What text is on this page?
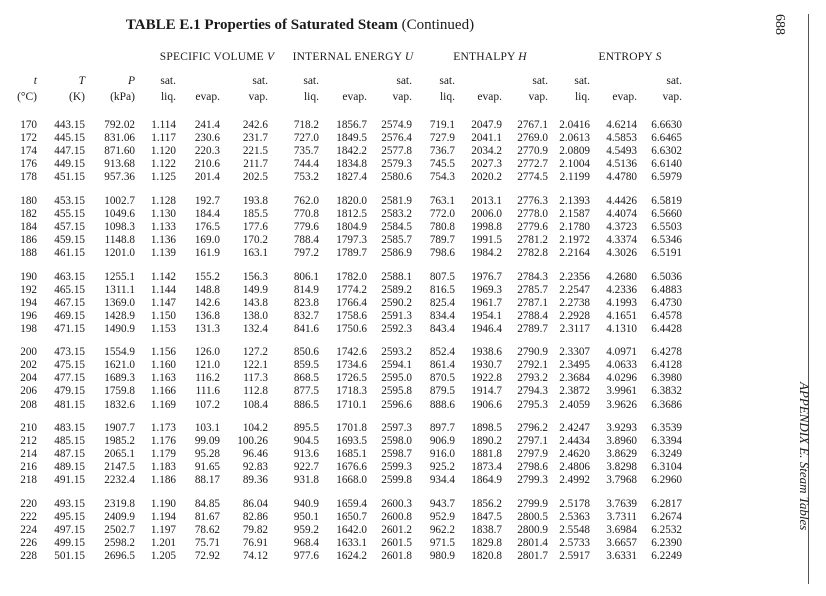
TABLE E.1 Properties of Saturated Steam (Continued)	688
APPENDIX E. Steam Tables
SPECIFIC VOLUME V	INTERNAL ENERGY U	ENTHALPY H	ENTROPY S
t	T	P	sat.	sat.	sat.	sat.	sat.	sat.	sat.	sat.
(°C)	(K)	(kPa)	liq.	evap.	vap.	liq.	evap.	vap.	liq.	evap.	vap.	liq.	evap.	vap.
170	443.15	792.02	1.114	241.4	242.6	718.2	1856.7	2574.9	719.1	2047.9	2767.1	2.0416	4.6214	6.6630
172	445.15	831.06	1.117	230.6	231.7	727.0	1849.5	2576.4	727.9	2041.1	2769.0	2.0613	4.5853	6.6465
174	447.15	871.60	1.120	220.3	221.5	735.7	1842.2	2577.8	736.7	2034.2	2770.9	2.0809	4.5493	6.6302
176	449.15	913.68	1.122	210.6	211.7	744.4	1834.8	2579.3	745.5	2027.3	2772.7	2.1004	4.5136	6.6140
178	451.15	957.36	1.125	201.4	202.5	753.2	1827.4	2580.6	754.3	2020.2	2774.5	2.1199	4.4780	6.5979
180	453.15	1002.7	1.128	192.7	193.8	762.0	1820.0	2581.9	763.1	2013.1	2776.3	2.1393	4.4426	6.5819
182	455.15	1049.6	1.130	184.4	185.5	770.8	1812.5	2583.2	772.0	2006.0	2778.0	2.1587	4.4074	6.5660
184	457.15	1098.3	1.133	176.5	177.6	779.6	1804.9	2584.5	780.8	1998.8	2779.6	2.1780	4.3723	6.5503
186	459.15	1148.8	1.136	169.0	170.2	788.4	1797.3	2585.7	789.7	1991.5	2781.2	2.1972	4.3374	6.5346
188	461.15	1201.0	1.139	161.9	163.1	797.2	1789.7	2586.9	798.6	1984.2	2782.8	2.2164	4.3026	6.5191
190	463.15	1255.1	1.142	155.2	156.3	806.1	1782.0	2588.1	807.5	1976.7	2784.3	2.2356	4.2680	6.5036
192	465.15	1311.1	1.144	148.8	149.9	814.9	1774.2	2589.2	816.5	1969.3	2785.7	2.2547	4.2336	6.4883
194	467.15	1369.0	1.147	142.6	143.8	823.8	1766.4	2590.2	825.4	1961.7	2787.1	2.2738	4.1993	6.4730
196	469.15	1428.9	1.150	136.8	138.0	832.7	1758.6	2591.3	834.4	1954.1	2788.4	2.2928	4.1651	6.4578
198	471.15	1490.9	1.153	131.3	132.4	841.6	1750.6	2592.3	843.4	1946.4	2789.7	2.3117	4.1310	6.4428
200	473.15	1554.9	1.156	126.0	127.2	850.6	1742.6	2593.2	852.4	1938.6	2790.9	2.3307	4.0971	6.4278
202	475.15	1621.0	1.160	121.0	122.1	859.5	1734.6	2594.1	861.4	1930.7	2792.1	2.3495	4.0633	6.4128
204	477.15	1689.3	1.163	116.2	117.3	868.5	1726.5	2595.0	870.5	1922.8	2793.2	2.3684	4.0296	6.3980
206	479.15	1759.8	1.166	111.6	112.8	877.5	1718.3	2595.8	879.5	1914.7	2794.3	2.3872	3.9961	6.3832
208	481.15	1832.6	1.169	107.2	108.4	886.5	1710.1	2596.6	888.6	1906.6	2795.3	2.4059	3.9626	6.3686
210	483.15	1907.7	1.173	103.1	104.2	895.5	1701.8	2597.3	897.7	1898.5	2796.2	2.4247	3.9293	6.3539
212	485.15	1985.2	1.176	99.09	100.26	904.5	1693.5	2598.0	906.9	1890.2	2797.1	2.4434	3.8960	6.3394
214	487.15	2065.1	1.179	95.28	96.46	913.6	1685.1	2598.7	916.0	1881.8	2797.9	2.4620	3.8629	6.3249
216	489.15	2147.5	1.183	91.65	92.83	922.7	1676.6	2599.3	925.2	1873.4	2798.6	2.4806	3.8298	6.3104
218	491.15	2232.4	1.186	88.17	89.36	931.8	1668.0	2599.8	934.4	1864.9	2799.3	2.4992	3.7968	6.2960
220	493.15	2319.8	1.190	84.85	86.04	940.9	1659.4	2600.3	943.7	1856.2	2799.9	2.5178	3.7639	6.2817
222	495.15	2409.9	1.194	81.67	82.86	950.1	1650.7	2600.8	952.9	1847.5	2800.5	2.5363	3.7311	6.2674
224	497.15	2502.7	1.197	78.62	79.82	959.2	1642.0	2601.2	962.2	1838.7	2800.9	2.5548	3.6984	6.2532
226	499.15	2598.2	1.201	75.71	76.91	968.4	1633.1	2601.5	971.5	1829.8	2801.4	2.5733	3.6657	6.2390
228	501.15	2696.5	1.205	72.92	74.12	977.6	1624.2	2601.8	980.9	1820.8	2801.7	2.5917	3.6331	6.2249
